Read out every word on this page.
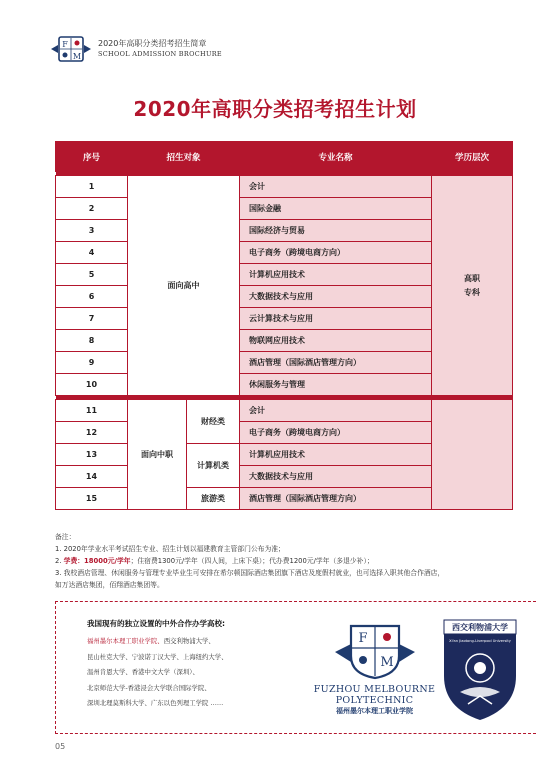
F
M
2020年高职分类招考招生简章
SCHOOL ADMISSION BROCHURE
2020年高职分类招考招生计划
序号	招生对象		专业名称	学历层次

1	面向高中		会计	高职
专科

2			国际金融	
3			国际经济与贸易	
4			电子商务（跨境电商方向）	
5			计算机应用技术	
6			大数据技术与应用	
7			云计算技术与应用	
8			物联网应用技术	
9			酒店管理（国际酒店管理方向）	
10			休闲服务与管理	

11	面向中职	财经类	会计	
12			电子商务（跨境电商方向）	
13		计算机类	计算机应用技术	
14			大数据技术与应用	
15		旅游类	酒店管理（国际酒店管理方向）	
备注：
1. 2020年学业水平考试招生专业、招生计划以福建教育主管部门公布为准；
2. 学费：18000元/学年；住宿费1300元/学年（四人间，上床下桌）；代办费1200元/学年（多退少补）；
3. 我校酒店管理、休闲服务与管理专业毕业生可安排在希尔顿国际酒店集团旗下酒店及度假村就业，也可选择入职其他合作酒店，
如万达酒店集团，佰翔酒店集团等。
我国现有的独立设置的中外合作办学高校:
福州墨尔本理工职业学院、西交利物浦大学、
昆山杜克大学、宁波诺丁汉大学、上海纽约大学、
温州肯恩大学、香港中文大学（深圳）、
北京师范大学-香港浸会大学联合国际学院、
深圳北理莫斯科大学、广东以色列理工学院 ……
F
M
FUZHOU MELBOURNE
POLYTECHNIC
福州墨尔本理工职业学院
西交利物浦大学
Xi'an Jiaotong-Liverpool University
05
